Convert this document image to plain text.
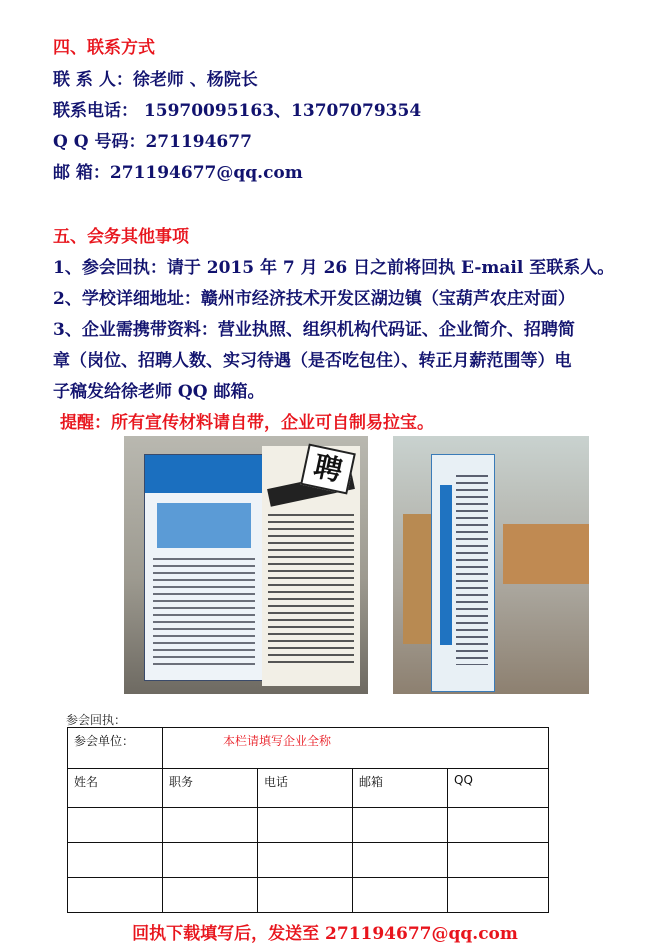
四、联系方式
联 系 人：徐老师 、杨院长
联系电话： 15970095163、13707079354
Q Q 号码：271194677
邮 箱：271194677@qq.com
五、会务其他事项
1、参会回执：请于 2015 年 7 月 26 日之前将回执 E-mail 至联系人。
2、学校详细地址：赣州市经济技术开发区湖边镇（宝葫芦农庄对面）
3、企业需携带资料：营业执照、组织机构代码证、企业简介、招聘简
章（岗位、招聘人数、实习待遇（是否吃包住）、转正月薪范围等）电
子稿发给徐老师 QQ 邮箱。
提醒：所有宣传材料请自带，企业可自制易拉宝。
聘
参会回执：
参会单位：	本栏请填写企业全称			
姓名	职务	电话	邮箱	QQ

回执下载填写后，发送至 271194677@qq.com
